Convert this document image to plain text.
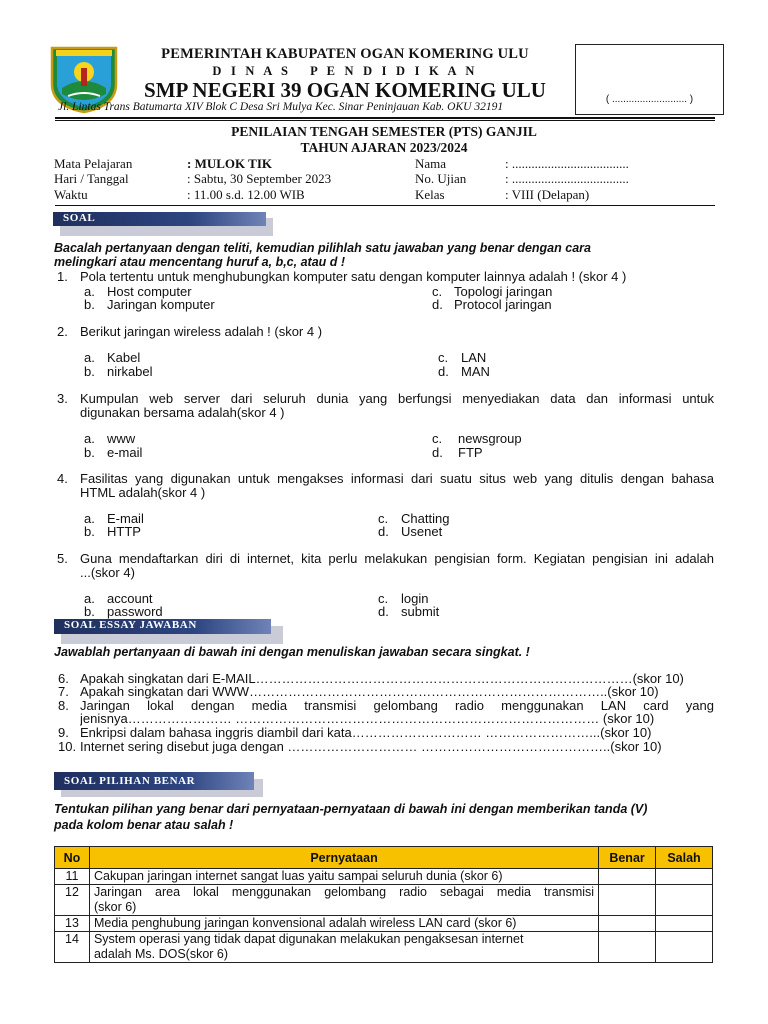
PEMERINTAH KABUPATEN OGAN KOMERING ULU
D I N A S   P E N D I D I K A N
SMP NEGERI 39 OGAN KOMERING ULU
Jl. Lintas Trans Batumarta XIV Blok C Desa Sri Mulya Kec. Sinar Peninjauan Kab. OKU 32191
( ........................... )
PENILAIAN TENGAH SEMESTER (PTS) GANJIL
TAHUN AJARAN 2023/2024
Mata Pelajaran	: MULOK TIK
Hari / Tanggal	: Sabtu, 30 September 2023
Waktu	: 11.00 s.d. 12.00 WIB
Nama	: ....................................
No. Ujian	: ....................................
Kelas	: VIII (Delapan)
SOAL
Bacalah pertanyaan dengan teliti, kemudian pilihlah satu jawaban yang benar dengan cara
melingkari atau mencentang huruf a, b,c, atau d !
1. Pola tertentu untuk menghubungkan komputer satu dengan komputer lainnya adalah ! (skor 4 )
a. Host computer
b. Jaringan komputer
c. Topologi jaringan
d. Protocol jaringan
2. Berikut jaringan wireless adalah ! (skor 4 )
a. Kabel
b. nirkabel
c. LAN
d. MAN
3. Kumpulan web server dari seluruh dunia yang berfungsi menyediakan data dan informasi untuk
digunakan bersama adalah(skor 4 )
a. www
b. e-mail
c. newsgroup
d. FTP
4. Fasilitas yang digunakan untuk mengakses informasi dari suatu situs web yang ditulis dengan bahasa
HTML adalah(skor 4 )
a. E-mail
b. HTTP
c. Chatting
d. Usenet
5. Guna mendaftarkan diri di internet, kita perlu melakukan pengisian form. Kegiatan pengisian ini adalah
...(skor 4)
a. account
b. password
c. login
d. submit
SOAL ESSAY JAWABAN
Jawablah pertanyaan di bawah ini dengan menuliskan jawaban secara singkat. !
6. Apakah singkatan dari E-MAIL……………………………………………………………………………(skor 10)
7. Apakah singkatan dari WWW………………………………………………………………………..(skor 10)
8. Jaringan lokal dengan media transmisi gelombang radio menggunakan LAN card yang
jenisnya…………………… ………………………………………………………………………… (skor 10)
9. Enkripsi dalam bahasa inggris diambil dari kata………………………… ……………………...(skor 10)
10. Internet sering disebut juga dengan ………………………… ……………………………………..(skor 10)
SOAL PILIHAN BENAR
Tentukan pilihan yang benar dari pernyataan-pernyataan di bawah ini dengan memberikan tanda (V)
pada kolom benar atau salah !
No	Pernyataan	Benar	Salah
11	Cakupan jaringan internet sangat luas yaitu sampai seluruh dunia (skor 6)		

12	Jaringan area lokal menggunakan gelombang radio sebagai media transmisi
(skor 6)		

13	Media penghubung jaringan konvensional adalah wireless LAN card (skor 6)		

14	System operasi yang tidak dapat digunakan melakukan pengaksesan internet
adalah Ms. DOS(skor 6)		
